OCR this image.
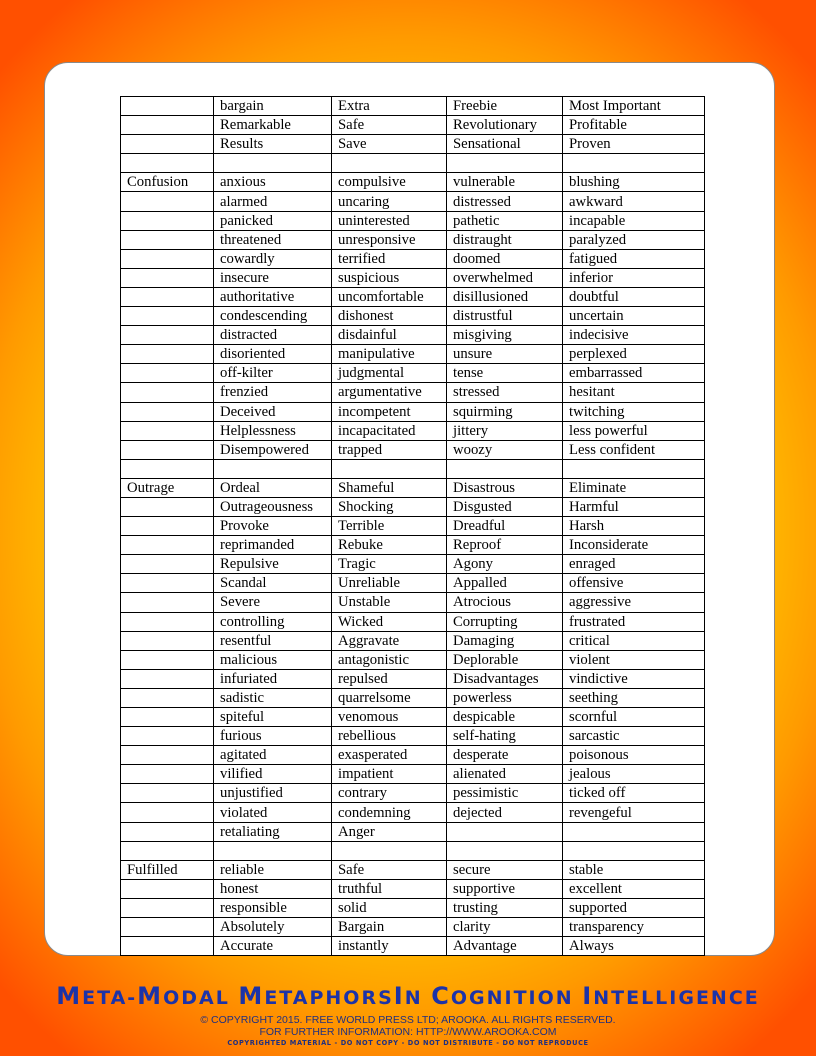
	bargain	Extra	Freebie	Most Important
	Remarkable	Safe	Revolutionary	Profitable
	Results	Save	Sensational	Proven

Confusion	anxious	compulsive	vulnerable	blushing
	alarmed	uncaring	distressed	awkward
	panicked	uninterested	pathetic	incapable
	threatened	unresponsive	distraught	paralyzed
	cowardly	terrified	doomed	fatigued
	insecure	suspicious	overwhelmed	inferior
	authoritative	uncomfortable	disillusioned	doubtful
	condescending	dishonest	distrustful	uncertain
	distracted	disdainful	misgiving	indecisive
	disoriented	manipulative	unsure	perplexed
	off-kilter	judgmental	tense	embarrassed
	frenzied	argumentative	stressed	hesitant
	Deceived	incompetent	squirming	twitching
	Helplessness	incapacitated	jittery	less powerful
	Disempowered	trapped	woozy	Less confident

Outrage	Ordeal	Shameful	Disastrous	Eliminate
	Outrageousness	Shocking	Disgusted	Harmful
	Provoke	Terrible	Dreadful	Harsh
	reprimanded	Rebuke	Reproof	Inconsiderate
	Repulsive	Tragic	Agony	enraged
	Scandal	Unreliable	Appalled	offensive
	Severe	Unstable	Atrocious	aggressive
	controlling	Wicked	Corrupting	frustrated
	resentful	Aggravate	Damaging	critical
	malicious	antagonistic	Deplorable	violent
	infuriated	repulsed	Disadvantages	vindictive
	sadistic	quarrelsome	powerless	seething
	spiteful	venomous	despicable	scornful
	furious	rebellious	self-hating	sarcastic
	agitated	exasperated	desperate	poisonous
	vilified	impatient	alienated	jealous
	unjustified	contrary	pessimistic	ticked off
	violated	condemning	dejected	revengeful
	retaliating	Anger		

Fulfilled	reliable	Safe	secure	stable
	honest	truthful	supportive	excellent
	responsible	solid	trusting	supported
	Absolutely	Bargain	clarity	transparency
	Accurate	instantly	Advantage	Always
META-MODAL METAPHORSIN COGNITION INTELLIGENCE
© COPYRIGHT 2015. FREE WORLD PRESS LTD; AROOKA. ALL RIGHTS RESERVED.
FOR FURTHER INFORMATION: HTTP://WWW.AROOKA.COM
COPYRIGHTED MATERIAL - DO NOT COPY - DO NOT DISTRIBUTE - DO NOT REPRODUCE
